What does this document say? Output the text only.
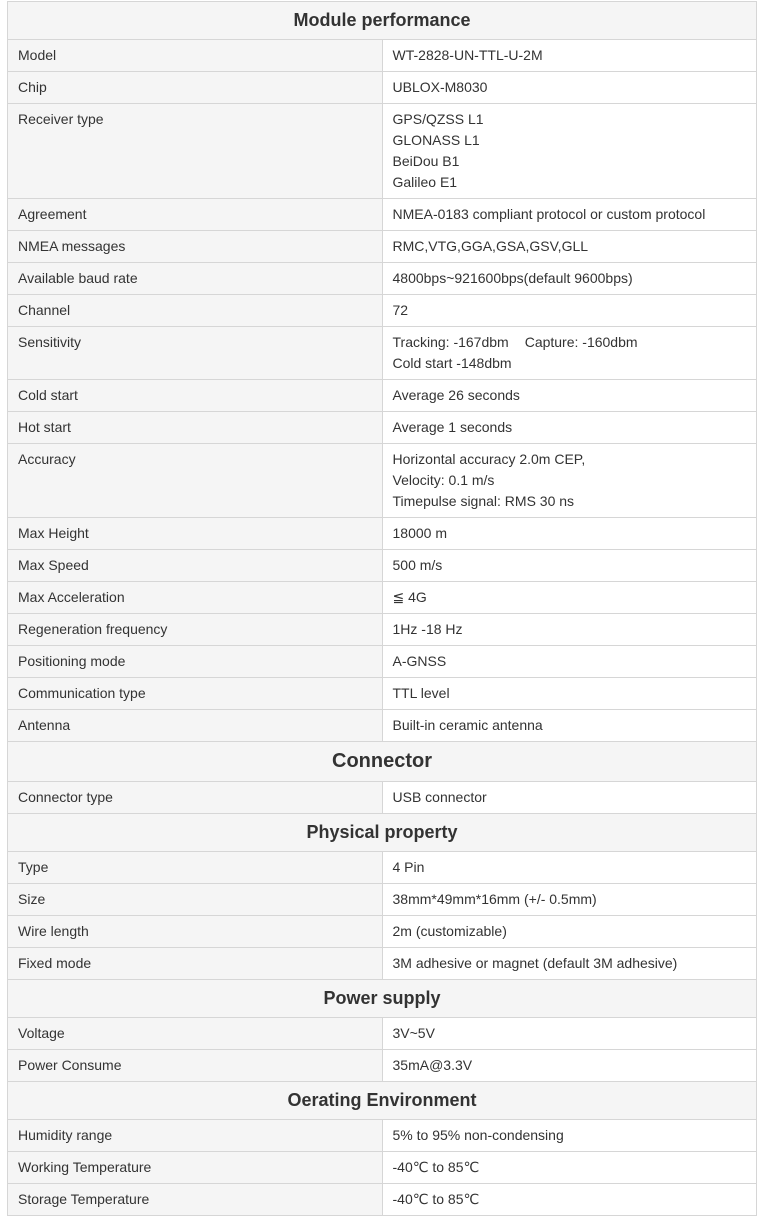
Module performance	
Model	WT-2828-UN-TTL-U-2M

Chip	UBLOX-M8030

Receiver type	GPS/QZSS L1
GLONASS L1
BeiDou B1
Galileo E1

Agreement	NMEA-0183 compliant protocol or custom protocol

NMEA messages	RMC,VTG,GGA,GSA,GSV,GLL

Available baud rate	4800bps~921600bps(default 9600bps)

Channel	72

Sensitivity	Tracking: -167dbm Capture: -160dbmCold start -148dbm
Cold start	Average 26 seconds

Hot start	Average 1 seconds

Accuracy	Horizontal accuracy 2.0m CEP,
Velocity: 0.1 m/s
Timepulse signal: RMS 30 ns

Max Height	18000 m

Max Speed	500 m/s

Max Acceleration	≦ 4G

Regeneration frequency	1Hz -18 Hz

Positioning mode	A-GNSS

Communication type	TTL level

Antenna	Built-in ceramic antenna

Connector	
Connector type	USB connector

Physical property	
Type	4 Pin

Size	38mm*49mm*16mm (+/- 0.5mm)

Wire length	2m (customizable)

Fixed mode	3M adhesive or magnet (default 3M adhesive)

Power supply	
Voltage	3V~5V

Power Consume	35mA@3.3V

Oerating Environment	
Humidity range	5% to 95% non-condensing

Working Temperature	-40℃ to 85℃

Storage Temperature	-40℃ to 85℃
